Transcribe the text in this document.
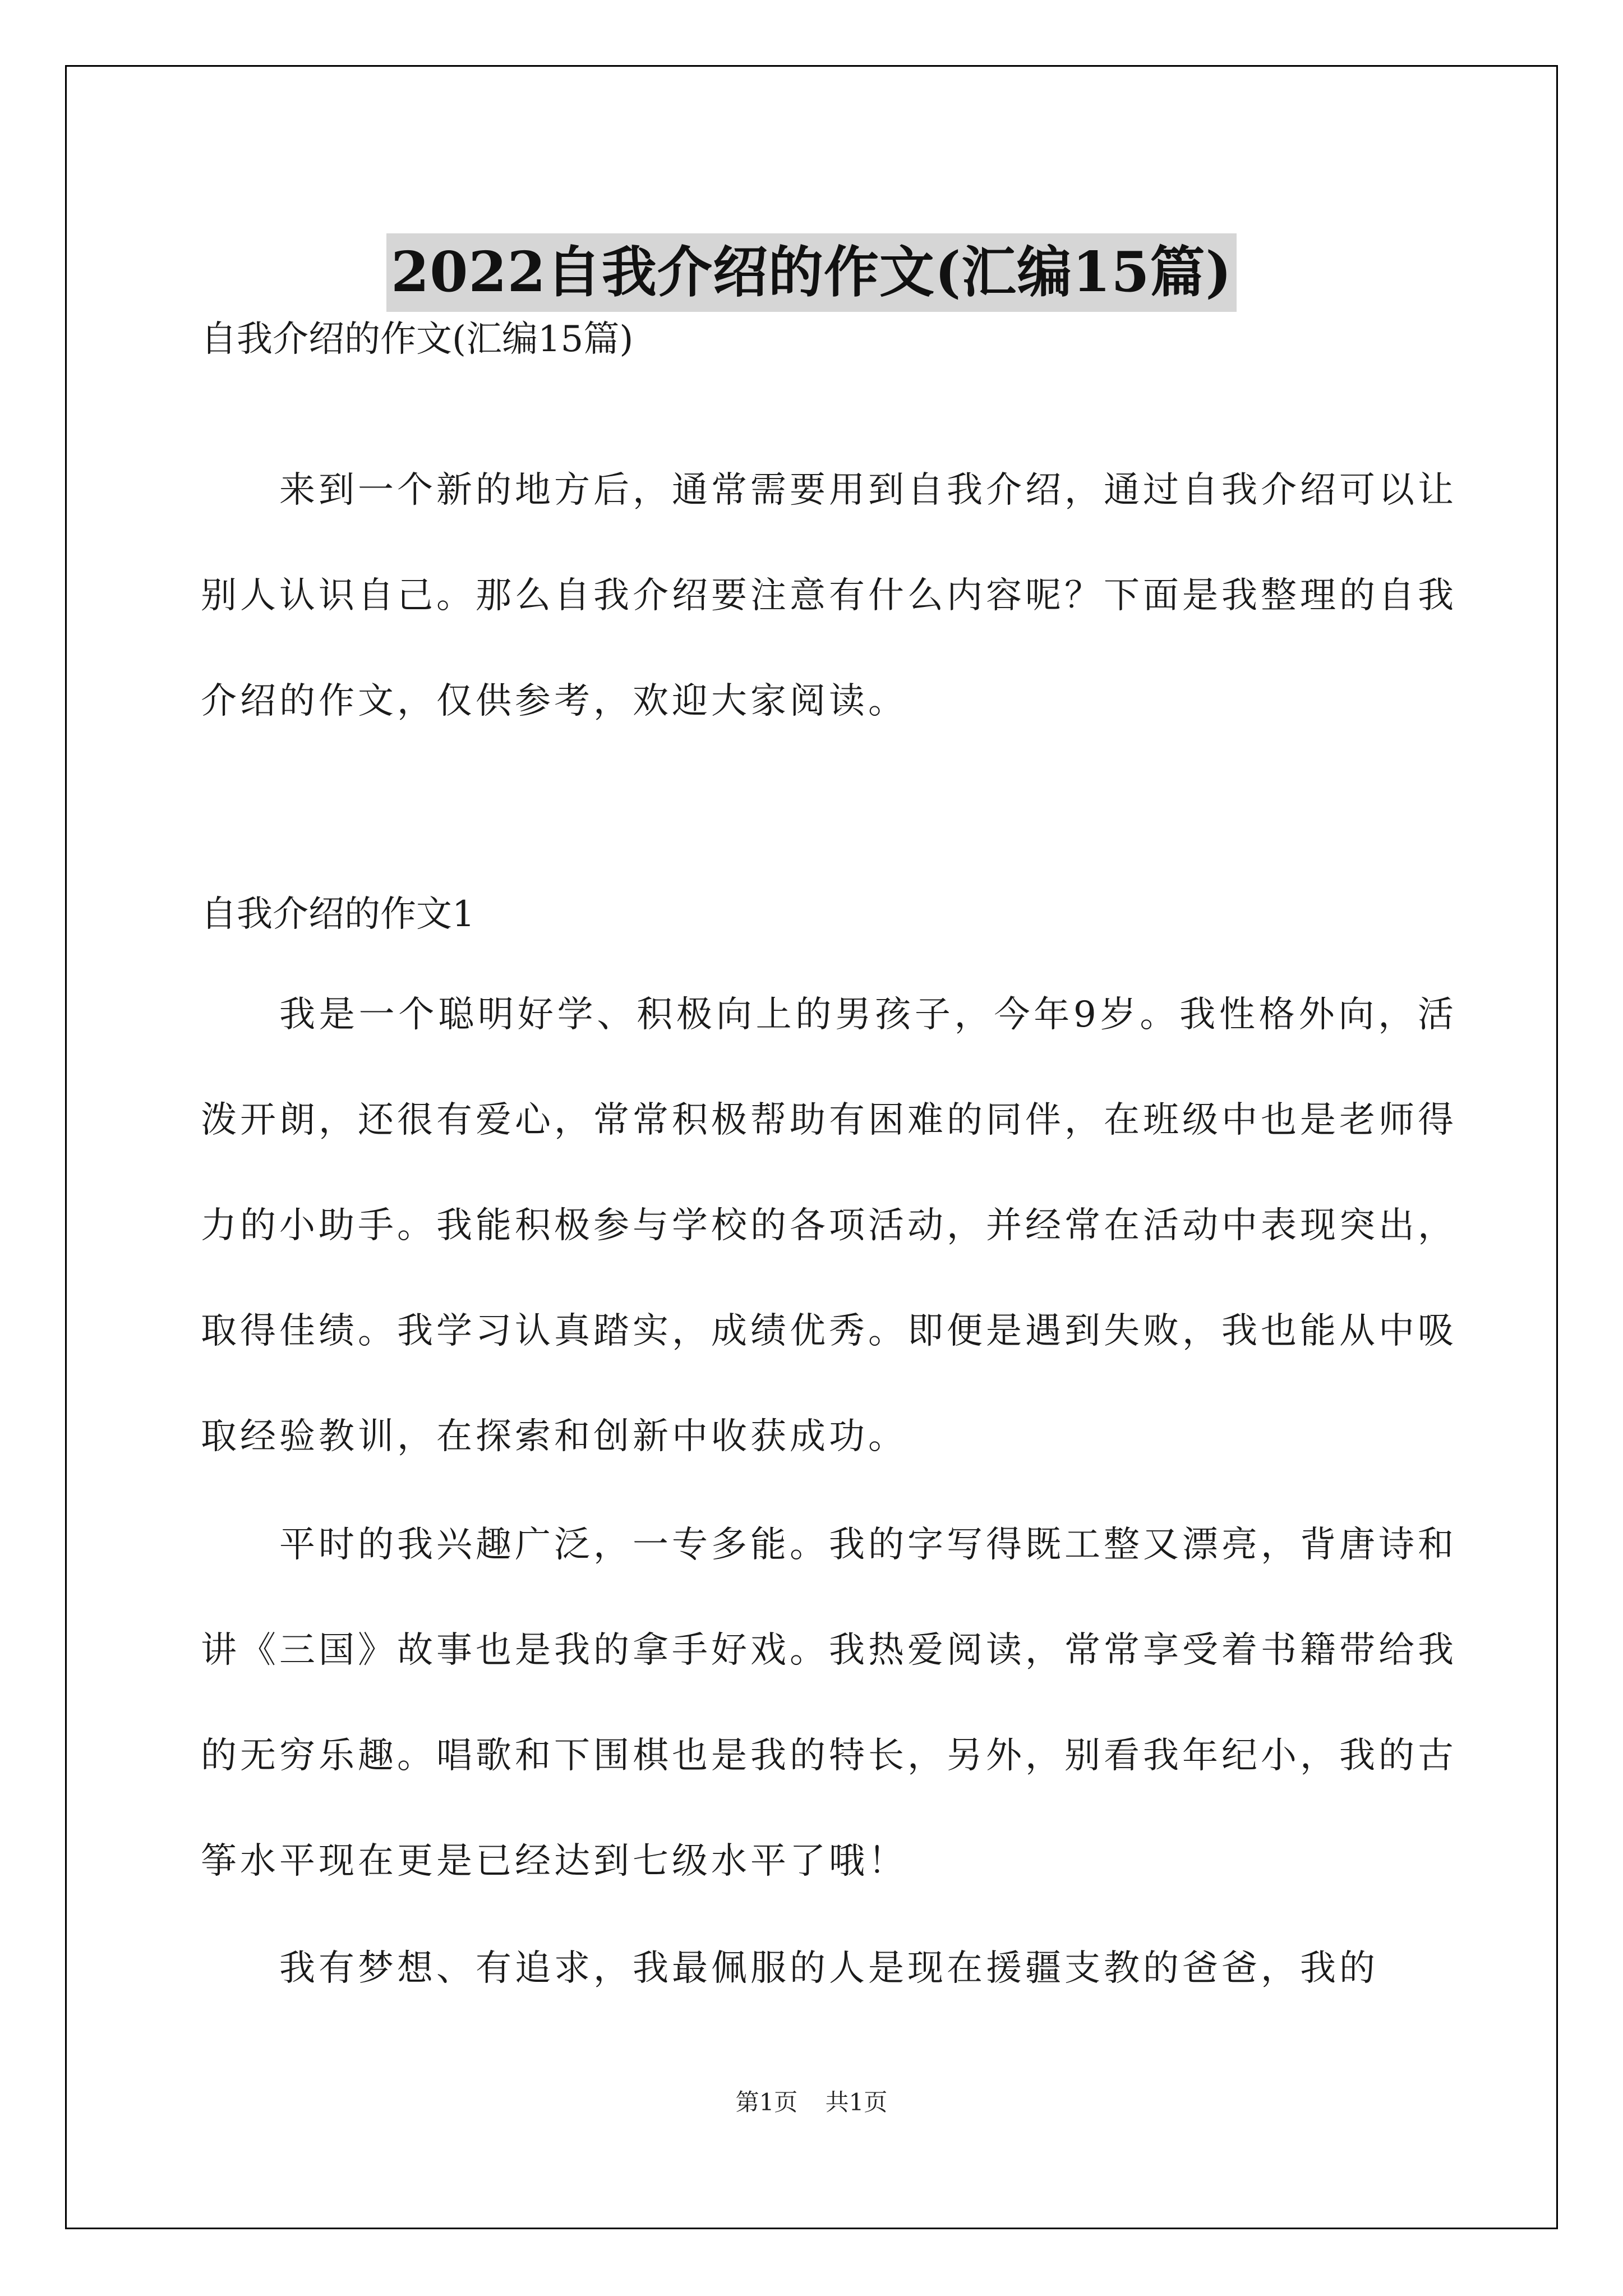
2022自我介绍的作文(汇编15篇)

自我介绍的作文(汇编15篇)

来到一个新的地方后，通常需要用到自我介绍，通过自我介绍可以让别人认识自己。那么自我介绍要注意有什么内容呢？下面是我整理的自我介绍的作文，仅供参考，欢迎大家阅读。

自我介绍的作文1

我是一个聪明好学、积极向上的男孩子，今年9岁。我性格外向，活泼开朗，还很有爱心，常常积极帮助有困难的同伴，在班级中也是老师得力的小助手。我能积极参与学校的各项活动，并经常在活动中表现突出，取得佳绩。我学习认真踏实，成绩优秀。即便是遇到失败，我也能从中吸取经验教训，在探索和创新中收获成功。

平时的我兴趣广泛，一专多能。我的字写得既工整又漂亮，背唐诗和讲《三国》故事也是我的拿手好戏。我热爱阅读，常常享受着书籍带给我的无穷乐趣。唱歌和下围棋也是我的特长，另外，别看我年纪小，我的古筝水平现在更是已经达到七级水平了哦！

我有梦想、有追求，我最佩服的人是现在援疆支教的爸爸，我的

第1页 共1页
